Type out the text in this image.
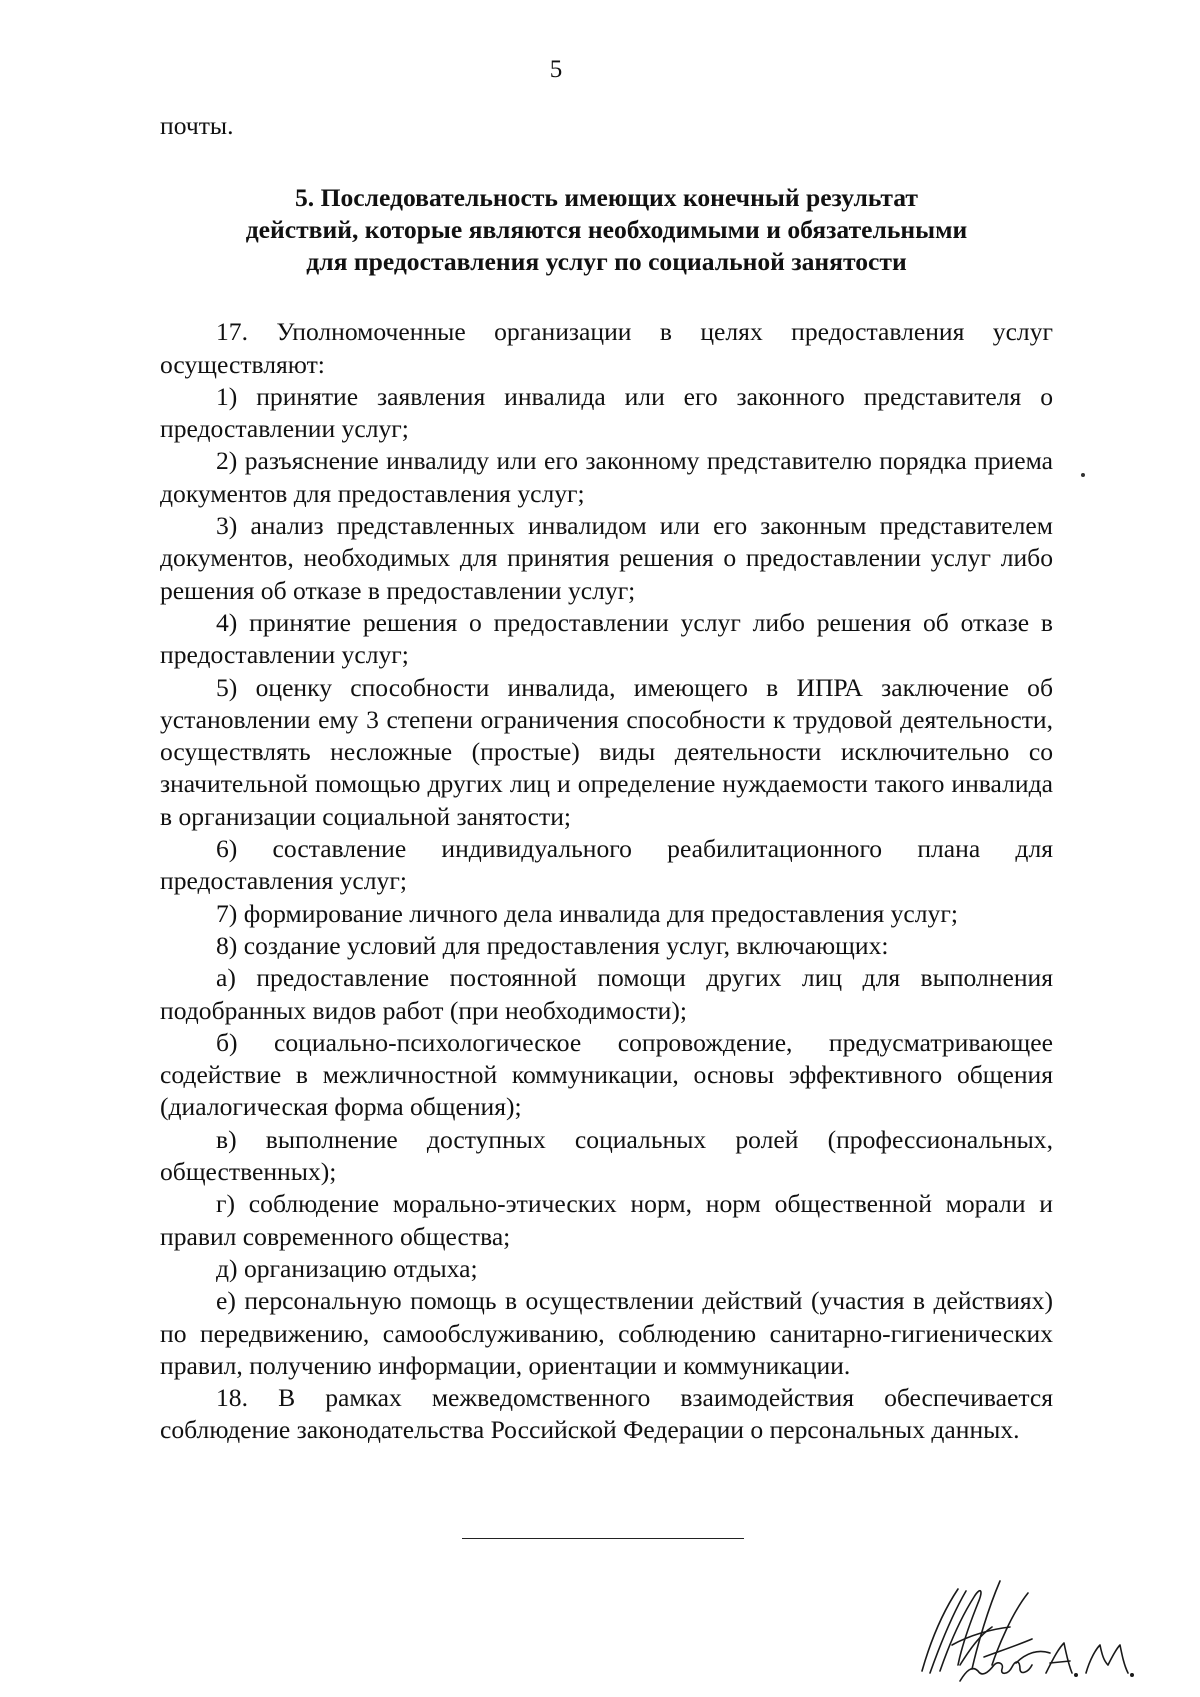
5

почты.

5. Последовательность имеющих конечный результат
действий, которые являются необходимыми и обязательными
для предоставления услуг по социальной занятости

17. Уполномоченные организации в целях предоставления услуг осуществляют:

1) принятие заявления инвалида или его законного представителя о предоставлении услуг;

2) разъяснение инвалиду или его законному представителю порядка приема документов для предоставления услуг;

3) анализ представленных инвалидом или его законным представителем документов, необходимых для принятия решения о предоставлении услуг либо решения об отказе в предоставлении услуг;

4) принятие решения о предоставлении услуг либо решения об отказе в предоставлении услуг;

5) оценку способности инвалида, имеющего в ИПРА заключение об установлении ему 3 степени ограничения способности к трудовой деятельности, осуществлять несложные (простые) виды деятельности исключительно со значительной помощью других лиц и определение нуждаемости такого инвалида в организации социальной занятости;

6) составление индивидуального реабилитационного плана для предоставления услуг;

7) формирование личного дела инвалида для предоставления услуг;

8) создание условий для предоставления услуг, включающих:

а) предоставление постоянной помощи других лиц для выполнения подобранных видов работ (при необходимости);

б) социально-психологическое сопровождение, предусматривающее содействие в межличностной коммуникации, основы эффективного общения (диалогическая форма общения);

в) выполнение доступных социальных ролей (профессиональных, общественных);

г) соблюдение морально-этических норм, норм общественной морали и правил современного общества;

д) организацию отдыха;

е) персональную помощь в осуществлении действий (участия в действиях) по передвижению, самообслуживанию, соблюдению санитарно-гигиенических правил, получению информации, ориентации и коммуникации.

18. В рамках межведомственного взаимодействия обеспечивается соблюдение законодательства Российской Федерации о персональных данных.
